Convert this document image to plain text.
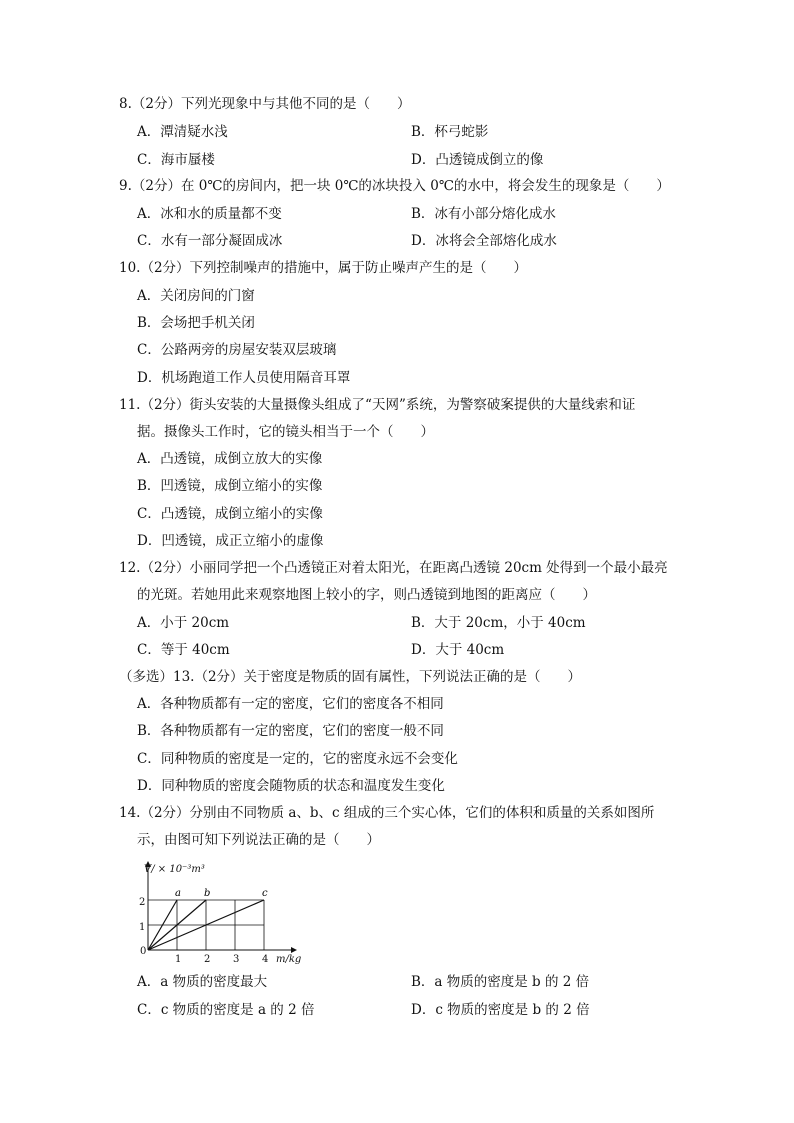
8.（2分）下列光现象中与其他不同的是（　　）
A．潭清疑水浅	B．杯弓蛇影
C．海市蜃楼	D．凸透镜成倒立的像
9.（2分）在 0℃的房间内，把一块 0℃的冰块投入 0℃的水中，将会发生的现象是（　　）
A．冰和水的质量都不变	B．冰有小部分熔化成水
C．水有一部分凝固成冰	D．冰将会全部熔化成水
10.（2分）下列控制噪声的措施中，属于防止噪声产生的是（　　）
A．关闭房间的门窗
B．会场把手机关闭
C．公路两旁的房屋安装双层玻璃
D．机场跑道工作人员使用隔音耳罩
11.（2分）街头安装的大量摄像头组成了“天网”系统，为警察破案提供的大量线索和证
据。摄像头工作时，它的镜头相当于一个（　　）
A．凸透镜，成倒立放大的实像
B．凹透镜，成倒立缩小的实像
C．凸透镜，成倒立缩小的实像
D．凹透镜，成正立缩小的虚像
12.（2分）小丽同学把一个凸透镜正对着太阳光，在距离凸透镜 20cm 处得到一个最小最亮
的光斑。若她用此来观察地图上较小的字，则凸透镜到地图的距离应（　　）
A．小于 20cm	B．大于 20cm，小于 40cm
C．等于 40cm	D．大于 40cm
（多选）13.（2分）关于密度是物质的固有属性，下列说法正确的是（　　）
A．各种物质都有一定的密度，它们的密度各不相同
B．各种物质都有一定的密度，它们的密度一般不同
C．同种物质的密度是一定的，它的密度永远不会变化
D．同种物质的密度会随物质的状态和温度发生变化
14.（2分）分别由不同物质 a、b、c 组成的三个实心体，它们的体积和质量的关系如图所
示，由图可知下列说法正确的是（　　）
V/ × 10⁻³m³
m/kg
0
1
2
1 2 3 4
a b	c
A．a 物质的密度最大	B．a 物质的密度是 b 的 2 倍
C．c 物质的密度是 a 的 2 倍	D．c 物质的密度是 b 的 2 倍
